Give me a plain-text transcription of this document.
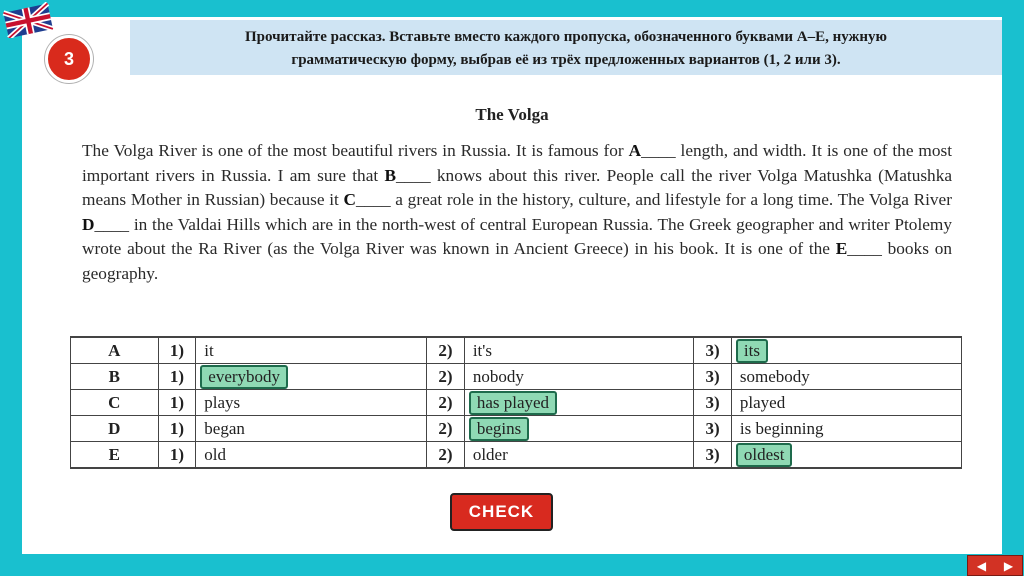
3
Прочитайте рассказ. Вставьте вместо каждого пропуска, обозначенного буквами A–E, нужную
грамматическую форму, выбрав её из трёх предложенных вариантов (1, 2 или 3).
The Volga
The Volga River is one of the most beautiful rivers in Russia. It is famous for A____ length, and width. It is one of the most important rivers in Russia. I am sure that B____ knows about this river. People call the river Volga Matushka (Matushka means Mother in Russian) because it C____ a great role in the history, culture, and lifestyle for a long time. The Volga River D____ in the Valdai Hills which are in the north-west of central European Russia. The Greek geographer and writer Ptolemy wrote about the Ra River (as the Volga River was known in Ancient Greece) in his book. It is one of the E____ books on geography.
A	1)	it	2)	it's	3)	its
B	1)	everybody	2)	nobody	3)	somebody
C	1)	plays	2)	has played	3)	played
D	1)	began	2)	begins	3)	is beginning
E	1)	old	2)	older	3)	oldest
CHECK
◀ ▶
